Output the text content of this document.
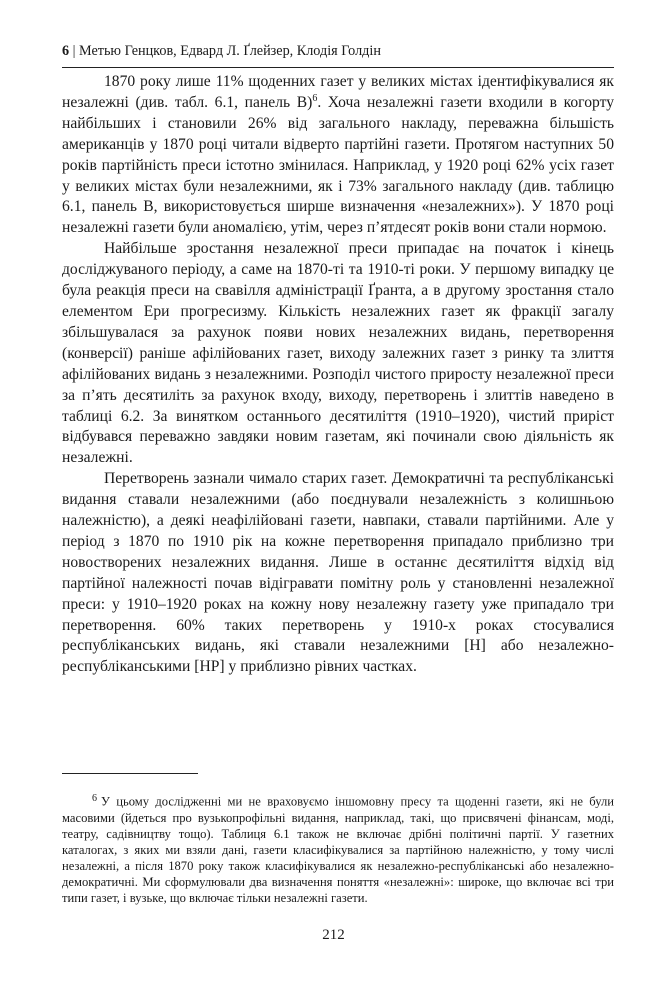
6 | Метью Генцков, Едвард Л. Ґлейзер, Клодія Голдін

1870 року лише 11% щоденних газет у великих містах ідентифікувалися як незалежні (див. табл. 6.1, панель В)$^6$. Хоча незалежні газети входили в когорту найбільших і становили 26% від загального накладу, переважна більшість американців у 1870 році читали відверто партійні газети. Протягом наступних 50 років партійність преси істотно змінилася. Наприклад, у 1920 році 62% усіх газет у великих містах були незалежними, як і 73% загального накладу (див. таблицю 6.1, панель В, використовується ширше визначення «незалежних»). У 1870 році незалежні газети були аномалією, утім, через п’ятдесят років вони стали нормою.

Найбільше зростання незалежної преси припадає на початок і кінець досліджуваного періоду, а саме на 1870-ті та 1910-ті роки. У першому випадку це була реакція преси на свавілля адміністрації Ґранта, а в другому зростання стало елементом Ери прогресизму. Кількість незалежних газет як фракції загалу збільшувалася за рахунок появи нових незалежних видань, перетворення (конверсії) раніше афілійованих газет, виходу залежних газет з ринку та злиття афілійованих видань з незалежними. Розподіл чистого приросту незалежної преси за п’ять десятиліть за рахунок входу, виходу, перетворень і злиттів наведено в таблиці 6.2. За винятком останнього десятиліття (1910–1920), чистий приріст відбувався переважно завдяки новим газетам, які починали свою діяльність як незалежні.

Перетворень зазнали чимало старих газет. Демократичні та республіканські видання ставали незалежними (або поєднували незалежність з колишньою належністю), а деякі неафілійовані газети, навпаки, ставали партійними. Але у період з 1870 по 1910 рік на кожне перетворення припадало приблизно три новостворених незалежних видання. Лише в останнє десятиліття відхід від партійної належності почав відігравати помітну роль у становленні незалежної преси: у 1910–1920 роках на кожну нову незалежну газету уже припадало три перетворення. 60% таких перетворень у 1910-х роках стосувалися республіканських видань, які ставали незалежними [Н] або незалежно-республіканськими [НР] у приблизно рівних частках.

$^6$ У цьому дослідженні ми не враховуємо іншомовну пресу та щоденні газети, які не були масовими (йдеться про вузькопрофільні видання, наприклад, такі, що присвячені фінансам, моді, театру, садівництву тощо). Таблиця 6.1 також не включає дрібні політичні партії. У газетних каталогах, з яких ми взяли дані, газети класифікувалися за партійною належністю, у тому числі незалежні, а після 1870 року також класифікувалися як незалежно-республіканські або незалежно-демократичні. Ми сформулювали два визначення поняття «незалежні»: широке, що включає всі три типи газет, і вузьке, що включає тільки незалежні газети.

212
